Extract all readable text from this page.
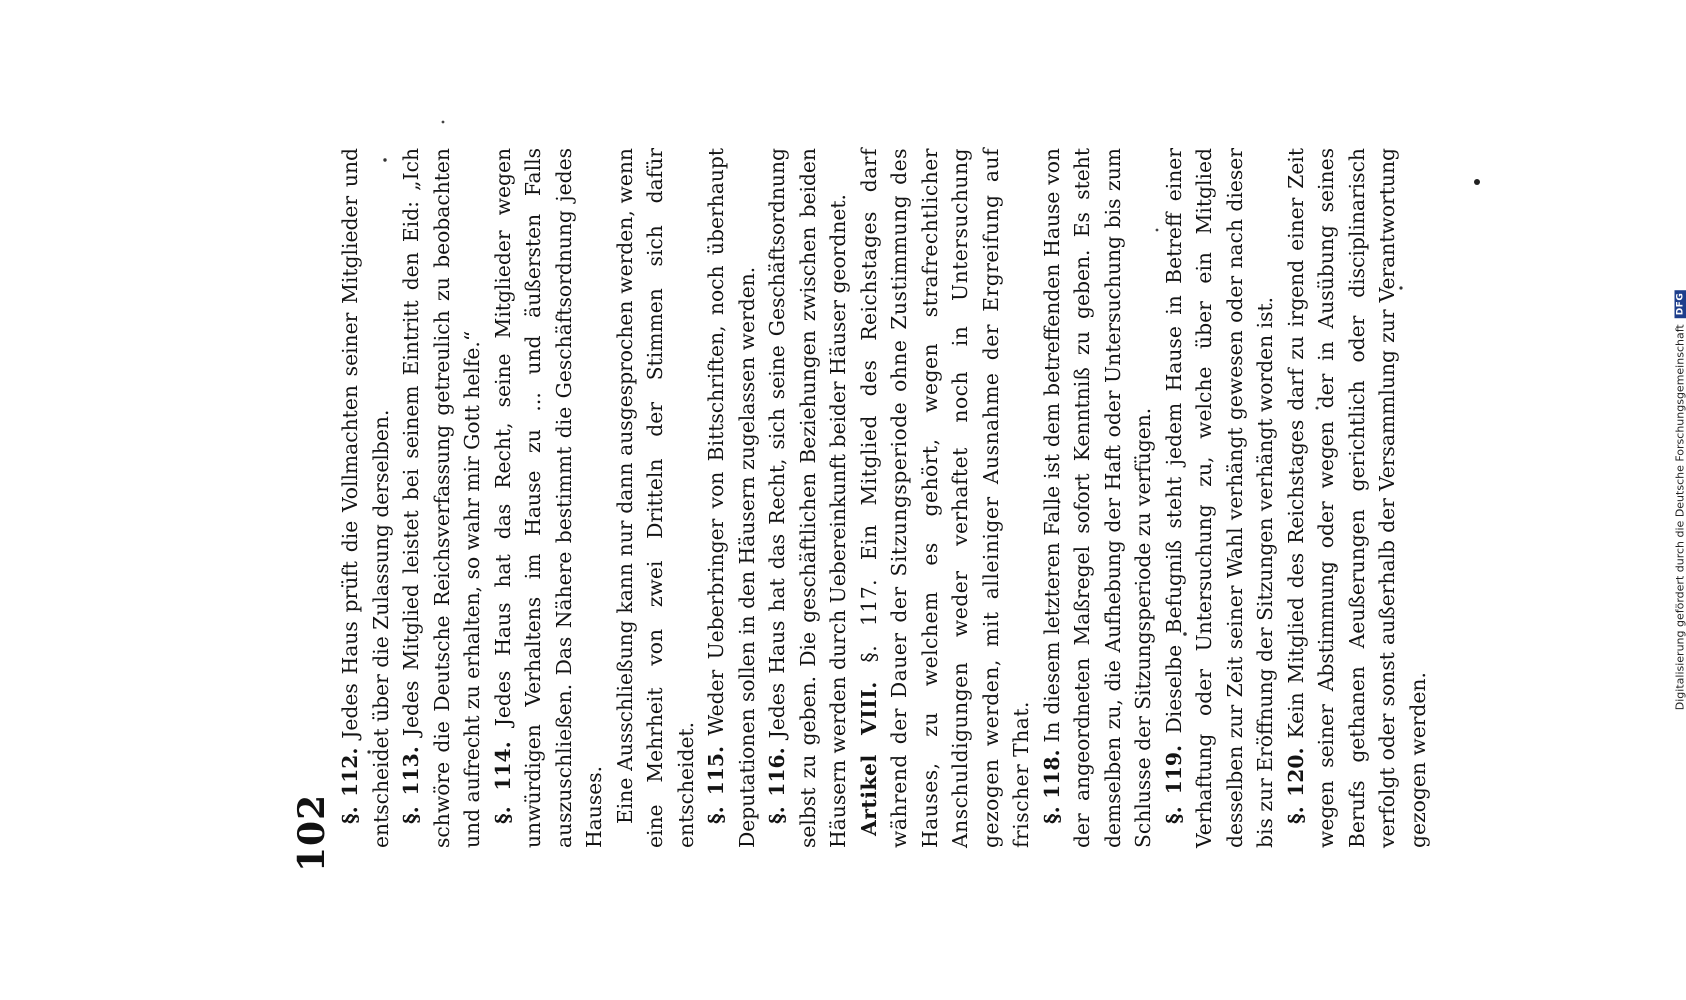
102

§. 112. Jedes Haus prüft die Vollmachten seiner Mitglieder und entscheidet über die Zulassung derselben. §. 113. Jedes Mitglied leistet bei seinem Eintritt den Eid: „Ich schwöre die Deutsche Reichsverfassung getreulich zu beobachten und aufrecht zu erhalten, so wahr mir Gott helfe.“ §. 114. Jedes Haus hat das Recht, seine Mitglieder wegen unwürdigen Verhaltens im Hause zu ... und äußersten Falls auszuschließen. Das Nähere bestimmt die Geschäftsordnung jedes Hauses. Eine Ausschließung kann nur dann ausgesprochen werden, wenn eine Mehrheit von zwei Dritteln der Stimmen sich dafür entscheidet. §. 115. Weder Ueberbringer von Bittschriften, noch überhaupt Deputationen sollen in den Häusern zugelassen werden. §. 116. Jedes Haus hat das Recht, sich seine Geschäftsordnung selbst zu geben. Die geschäftlichen Beziehungen zwischen beiden Häusern werden durch Uebereinkunft beider Häuser geordnet. Artikel VIII. §. 117. Ein Mitglied des Reichstages darf während der Dauer der Sitzungsperiode ohne Zustimmung des Hauses, zu welchem es gehört, wegen strafrechtlicher Anschuldigungen weder verhaftet noch in Untersuchung gezogen werden, mit alleiniger Ausnahme der Ergreifung auf frischer That. §. 118. In diesem letzteren Falle ist dem betreffenden Hause von der angeordneten Maßregel sofort Kenntniß zu geben. Es steht demselben zu, die Aufhebung der Haft oder Untersuchung bis zum Schlusse der Sitzungsperiode zu verfügen. §. 119. Dieselbe Befugniß steht jedem Hause in Betreff einer Verhaftung oder Untersuchung zu, welche über ein Mitglied desselben zur Zeit seiner Wahl verhängt gewesen oder nach dieser bis zur Eröffnung der Sitzungen verhängt worden ist. §. 120. Kein Mitglied des Reichstages darf zu irgend einer Zeit wegen seiner Abstimmung oder wegen der in Ausübung seines Berufs gethanen Aeußerungen gerichtlich oder disciplinarisch verfolgt oder sonst außerhalb der Versammlung zur Verantwortung gezogen werden.

Digitalisierung gefördert durch die Deutsche Forschungsgemeinschaft
DFG
